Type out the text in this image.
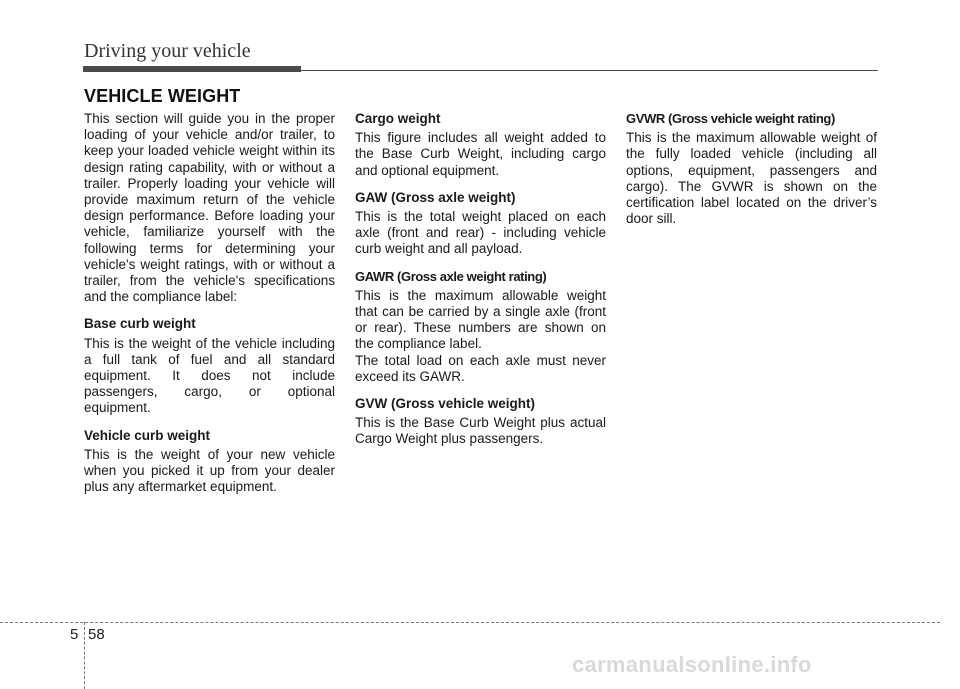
Driving your vehicle
VEHICLE WEIGHT

This section will guide you in the proper loading of your vehicle and/or trailer, to keep your loaded vehicle weight within its design rating capability, with or without a trailer. Properly loading your vehicle will provide maximum return of the vehicle design performance. Before loading your vehicle, familiarize yourself with the following terms for determining your vehicle's weight ratings, with or without a trailer, from the vehicle's specifications and the compliance label:

Base curb weight

This is the weight of the vehicle including a full tank of fuel and all standard equipment. It does not include passengers, cargo, or optional equipment.

Vehicle curb weight

This is the weight of your new vehicle when you picked it up from your dealer plus any aftermarket equipment.

Cargo weight

This figure includes all weight added to the Base Curb Weight, including cargo and optional equipment.

GAW (Gross axle weight)

This is the total weight placed on each axle (front and rear) - including vehicle curb weight and all payload.

GAWR (Gross axle weight rating)

This is the maximum allowable weight that can be carried by a single axle (front or rear). These numbers are shown on the compliance label.

The total load on each axle must never exceed its GAWR.

GVW (Gross vehicle weight)

This is the Base Curb Weight plus actual Cargo Weight plus passengers.

GVWR (Gross vehicle weight rating)

This is the maximum allowable weight of the fully loaded vehicle (including all options, equipment, passengers and cargo). The GVWR is shown on the certification label located on the driver’s door sill.

5 58
carmanualsonline.info
